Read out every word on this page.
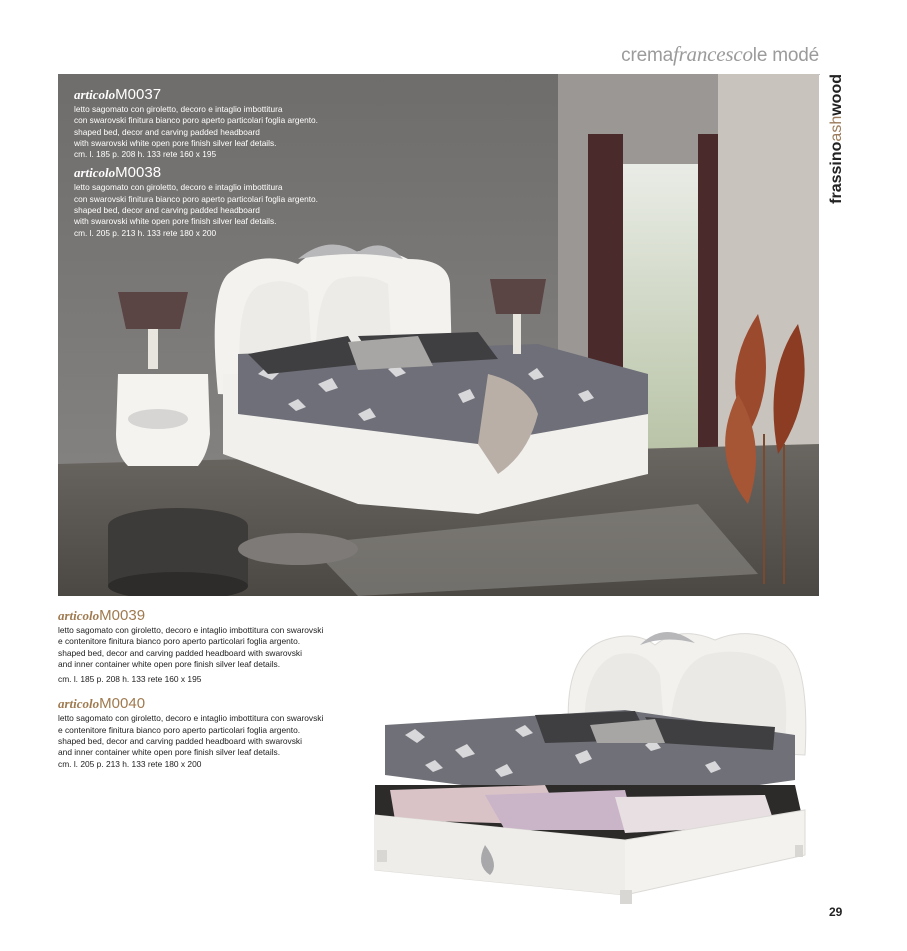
cremafrancescole modé
frassinoashwood
articoloM0037
letto sagomato con giroletto, decoro e intaglio imbottitura
con swarovski finitura bianco poro aperto particolari foglia argento.
shaped bed, decor and carving padded headboard
with swarovski white open pore finish silver leaf details.
cm. l. 185 p. 208 h. 133 rete 160 x 195
articoloM0038
letto sagomato con giroletto, decoro e intaglio imbottitura
con swarovski finitura bianco poro aperto particolari foglia argento.
shaped bed, decor and carving padded headboard
with swarovski white open pore finish silver leaf details.
cm. l. 205 p. 213 h. 133 rete 180 x 200
articoloM0039
letto sagomato con giroletto, decoro e intaglio imbottitura con swarovski
e contenitore finitura bianco poro aperto particolari foglia argento.
shaped bed, decor and carving padded headboard with swarovski
and inner container white open pore finish silver leaf details.
cm. l. 185 p. 208 h. 133 rete 160 x 195
articoloM0040
letto sagomato con giroletto, decoro e intaglio imbottitura con swarovski
e contenitore finitura bianco poro aperto particolari foglia argento.
shaped bed, decor and carving padded headboard with swarovski
and inner container white open pore finish silver leaf details.
cm. l. 205 p. 213 h. 133 rete 180 x 200
29
